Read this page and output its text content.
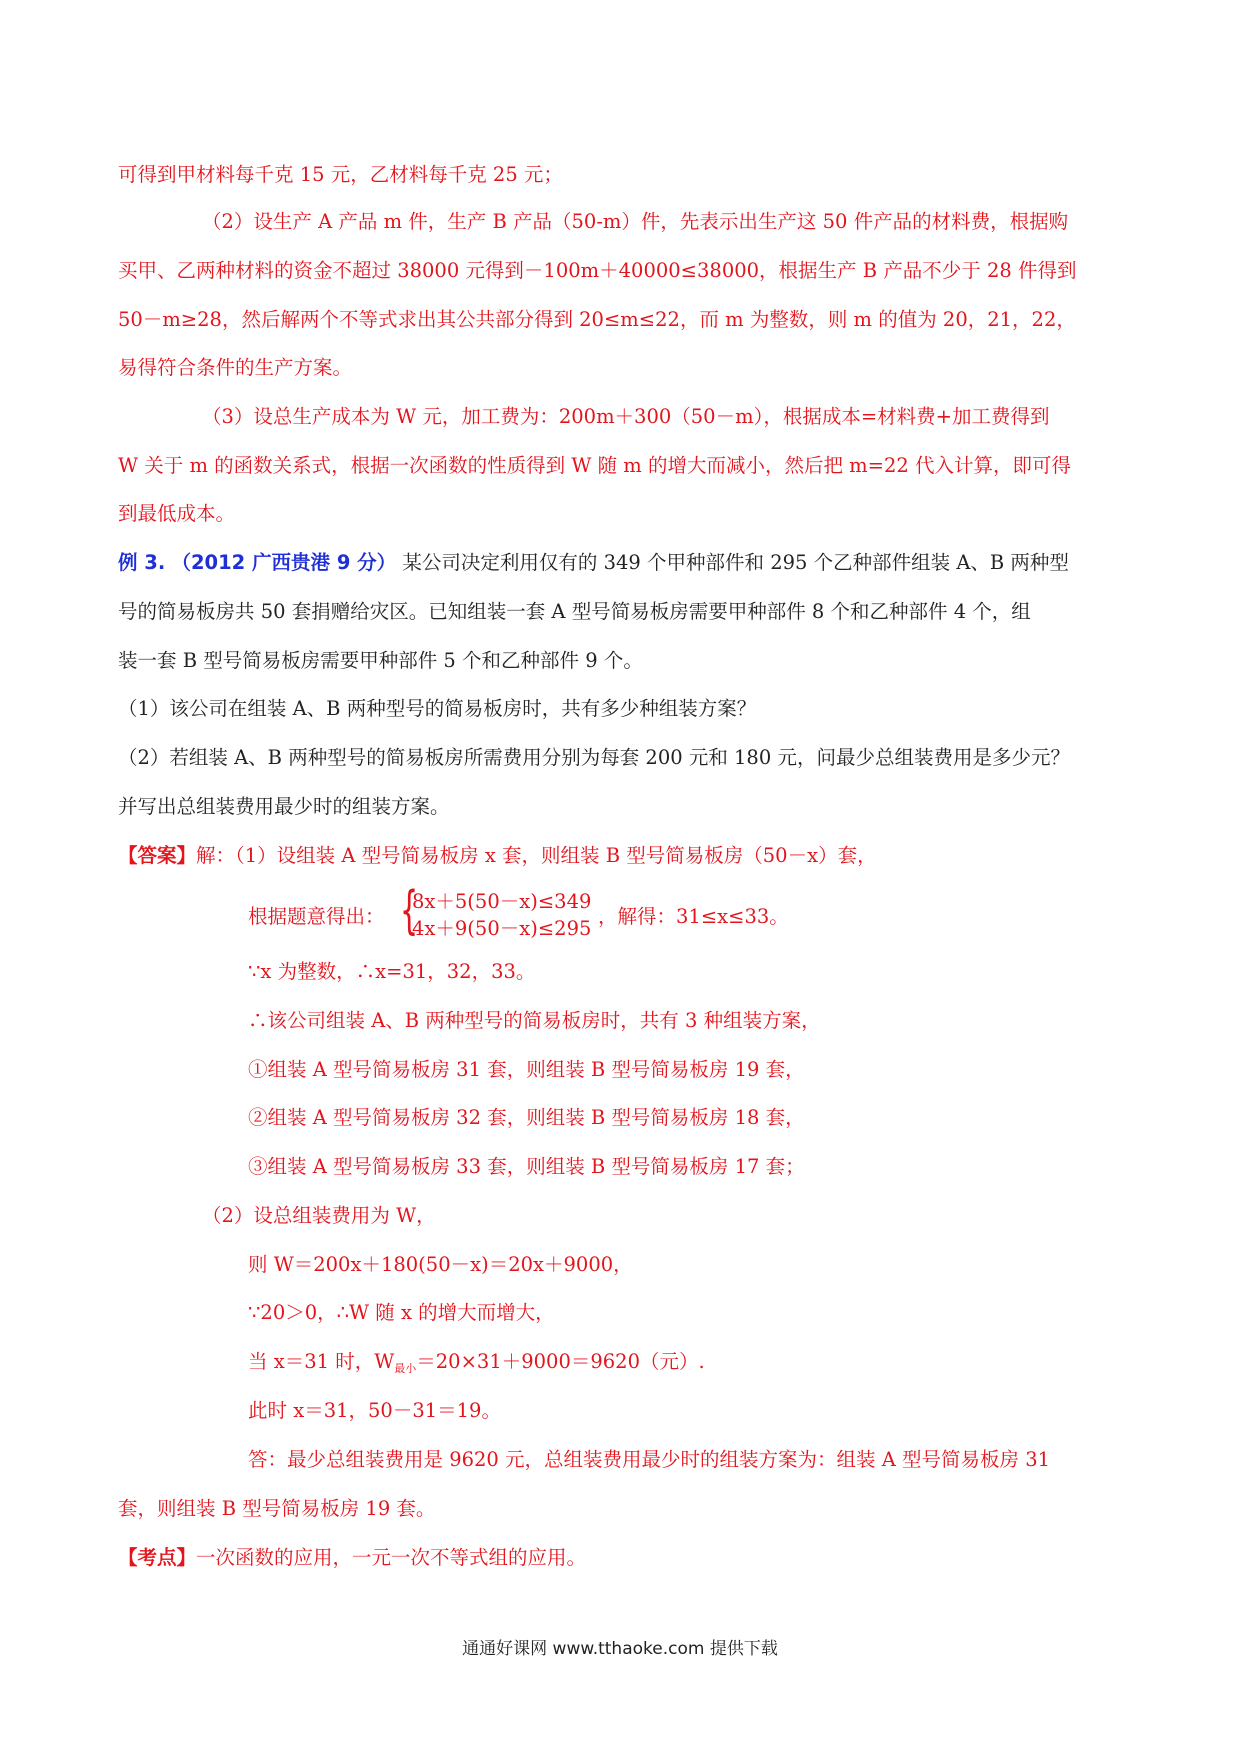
可得到甲材料每千克 15 元，乙材料每千克 25 元；
（2）设生产 A 产品 m 件，生产 B 产品（50-m）件，先表示出生产这 50 件产品的材料费，根据购
买甲、乙两种材料的资金不超过 38000 元得到－100m＋40000≤38000，根据生产 B 产品不少于 28 件得到
50－m≥28，然后解两个不等式求出其公共部分得到 20≤m≤22，而 m 为整数，则 m 的值为 20，21，22，
易得符合条件的生产方案。
（3）设总生产成本为 W 元，加工费为：200m＋300（50－m），根据成本=材料费+加工费得到
W 关于 m 的函数关系式，根据一次函数的性质得到 W 随 m 的增大而减小，然后把 m=22 代入计算，即可得
到最低成本。
例 3. （2012 广西贵港 9 分） 某公司决定利用仅有的 349 个甲种部件和 295 个乙种部件组装 A、B 两种型
号的简易板房共 50 套捐赠给灾区。已知组装一套 A 型号简易板房需要甲种部件 8 个和乙种部件 4 个，组
装一套 B 型号简易板房需要甲种部件 5 个和乙种部件 9 个。
（1）该公司在组装 A、B 两种型号的简易板房时，共有多少种组装方案？
（2）若组装 A、B 两种型号的简易板房所需费用分别为每套 200 元和 180 元，问最少总组装费用是多少元？
并写出总组装费用最少时的组装方案。
【答案】解：（1）设组装 A 型号简易板房 x 套，则组装 B 型号简易板房（50－x）套，
根据题意得出： {
8x＋5(50－x)≤349
4x＋9(50－x)≤295
，解得：31≤x≤33。
∵x 为整数，∴x=31，32，33。
∴该公司组装 A、B 两种型号的简易板房时，共有 3 种组装方案，
①组装 A 型号简易板房 31 套，则组装 B 型号简易板房 19 套，
②组装 A 型号简易板房 32 套，则组装 B 型号简易板房 18 套，
③组装 A 型号简易板房 33 套，则组装 B 型号简易板房 17 套；
（2）设总组装费用为 W，
则 W＝200x＋180(50－x)＝20x＋9000，
∵20＞0，∴W 随 x 的增大而增大，
当 x＝31 时，$W_{最小}=20\times 31+9000=9620$（元）.
此时 x＝31，50－31＝19。
答：最少总组装费用是 9620 元，总组装费用最少时的组装方案为：组装 A 型号简易板房 31
套，则组装 B 型号简易板房 19 套。
【考点】一次函数的应用，一元一次不等式组的应用。
通通好课网 www.tthaoke.com 提供下载
